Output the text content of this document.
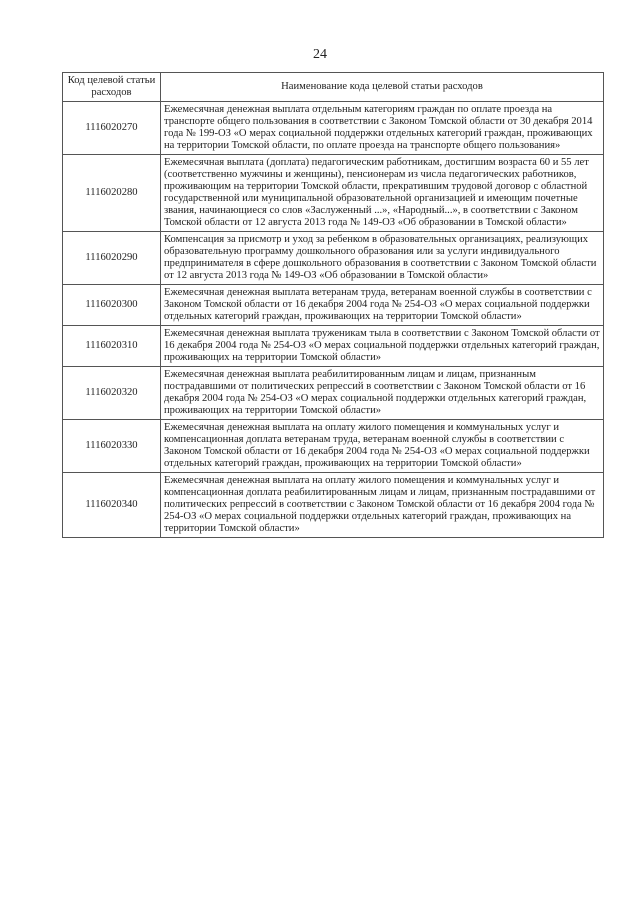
24
Код целевой статьи расходов
Наименование кода целевой статьи расходов
1116020270
Ежемесячная денежная выплата отдельным категориям граждан по оплате проезда на транспорте общего пользования в соответствии с Законом Томской области от 30 декабря 2014 года № 199-ОЗ «О мерах социальной поддержки отдельных категорий граждан, проживающих на территории Томской области, по оплате проезда на транспорте общего пользования»
1116020280
Ежемесячная выплата (доплата) педагогическим работникам, достигшим возраста 60 и 55 лет (соответственно мужчины и женщины), пенсионерам из числа педагогических работников, проживающим на территории Томской области, прекратившим трудовой договор с областной государственной или муниципальной образовательной организацией и имеющим почетные звания, начинающиеся со слов «Заслуженный ...», «Народный...», в соответствии с Законом Томской области от 12 августа 2013 года № 149-ОЗ «Об образовании в Томской области»
1116020290
Компенсация за присмотр и уход за ребенком в образовательных организациях, реализующих образовательную программу дошкольного образования или за услуги индивидуального предпринимателя в сфере дошкольного образования в соответствии с Законом Томской области от 12 августа 2013 года № 149-ОЗ «Об образовании в Томской области»
1116020300
Ежемесячная денежная выплата ветеранам труда, ветеранам военной службы в соответствии с Законом Томской области от 16 декабря 2004 года № 254-ОЗ «О мерах социальной поддержки отдельных категорий граждан, проживающих на территории Томской области»
1116020310
Ежемесячная денежная выплата труженикам тыла в соответствии с Законом Томской области от 16 декабря 2004 года № 254-ОЗ «О мерах социальной поддержки отдельных категорий граждан, проживающих на территории Томской области»
1116020320
Ежемесячная денежная выплата реабилитированным лицам и лицам, признанным пострадавшими от политических репрессий в соответствии с Законом Томской области от 16 декабря 2004 года № 254-ОЗ «О мерах социальной поддержки отдельных категорий граждан, проживающих на территории Томской области»
1116020330
Ежемесячная денежная выплата на оплату жилого помещения и коммунальных услуг и компенсационная доплата ветеранам труда, ветеранам военной службы в соответствии с Законом Томской области от 16 декабря 2004 года № 254-ОЗ «О мерах социальной поддержки отдельных категорий граждан, проживающих на территории Томской области»
1116020340
Ежемесячная денежная выплата на оплату жилого помещения и коммунальных услуг и компенсационная доплата реабилитированным лицам и лицам, признанным пострадавшими от политических репрессий в соответствии с Законом Томской области от 16 декабря 2004 года № 254-ОЗ «О мерах социальной поддержки отдельных категорий граждан, проживающих на территории Томской области»
